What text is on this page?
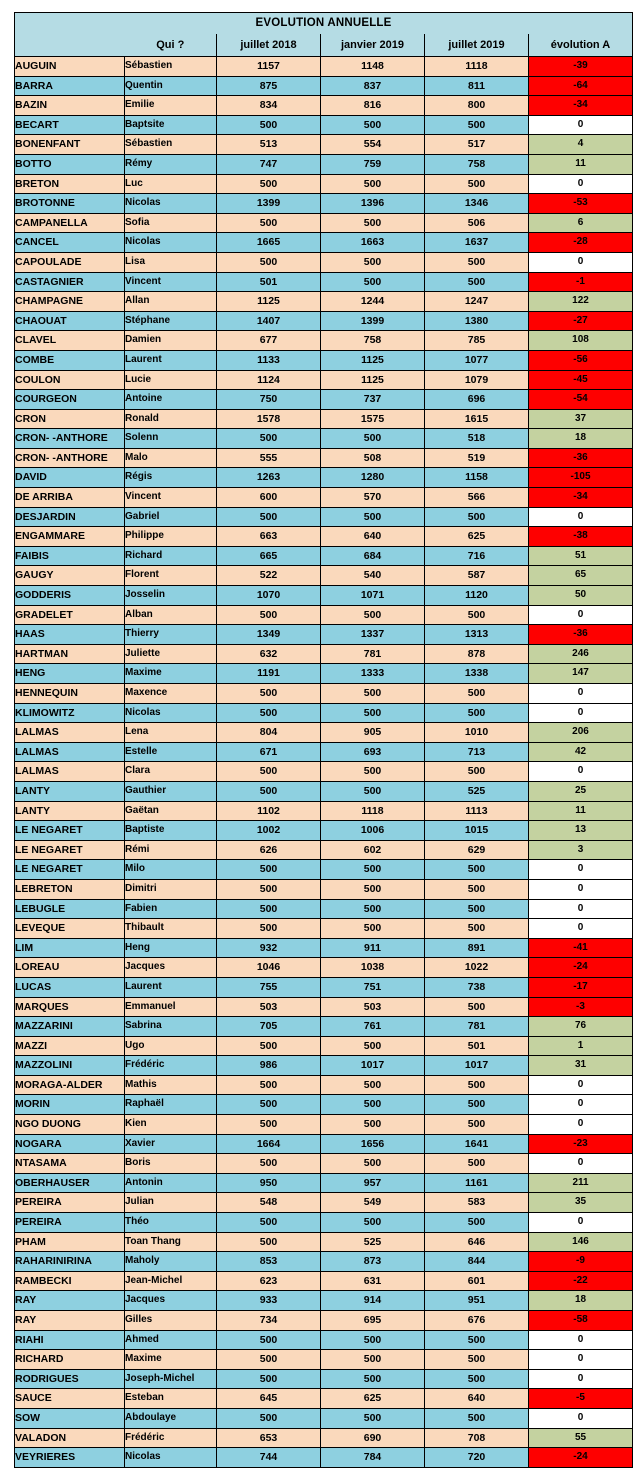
EVOLUTION ANNUELLE					
	Qui ?	juillet 2018	janvier 2019	juillet 2019	évolution A
AUGUIN	Sébastien	1157	1148	1118	-39
BARRA	Quentin	875	837	811	-64
BAZIN	Emilie	834	816	800	-34
BECART	Baptsite	500	500	500	0
BONENFANT	Sébastien	513	554	517	4
BOTTO	Rémy	747	759	758	11
BRETON	Luc	500	500	500	0
BROTONNE	Nicolas	1399	1396	1346	-53
CAMPANELLA	Sofia	500	500	506	6
CANCEL	Nicolas	1665	1663	1637	-28
CAPOULADE	Lisa	500	500	500	0
CASTAGNIER	Vincent	501	500	500	-1
CHAMPAGNE	Allan	1125	1244	1247	122
CHAOUAT	Stéphane	1407	1399	1380	-27
CLAVEL	Damien	677	758	785	108
COMBE	Laurent	1133	1125	1077	-56
COULON	Lucie	1124	1125	1079	-45
COURGEON	Antoine	750	737	696	-54
CRON	Ronald	1578	1575	1615	37
CRON- -ANTHORE	Solenn	500	500	518	18
CRON- -ANTHORE	Malo	555	508	519	-36
DAVID	Régis	1263	1280	1158	-105
DE ARRIBA	Vincent	600	570	566	-34
DESJARDIN	Gabriel	500	500	500	0
ENGAMMARE	Philippe	663	640	625	-38
FAIBIS	Richard	665	684	716	51
GAUGY	Florent	522	540	587	65
GODDERIS	Josselin	1070	1071	1120	50
GRADELET	Alban	500	500	500	0
HAAS	Thierry	1349	1337	1313	-36
HARTMAN	Juliette	632	781	878	246
HENG	Maxime	1191	1333	1338	147
HENNEQUIN	Maxence	500	500	500	0
KLIMOWITZ	Nicolas	500	500	500	0
LALMAS	Lena	804	905	1010	206
LALMAS	Estelle	671	693	713	42
LALMAS	Clara	500	500	500	0
LANTY	Gauthier	500	500	525	25
LANTY	Gaëtan	1102	1118	1113	11
LE NEGARET	Baptiste	1002	1006	1015	13
LE NEGARET	Rémi	626	602	629	3
LE NEGARET	Milo	500	500	500	0
LEBRETON	Dimitri	500	500	500	0
LEBUGLE	Fabien	500	500	500	0
LEVEQUE	Thibault	500	500	500	0
LIM	Heng	932	911	891	-41
LOREAU	Jacques	1046	1038	1022	-24
LUCAS	Laurent	755	751	738	-17
MARQUES	Emmanuel	503	503	500	-3
MAZZARINI	Sabrina	705	761	781	76
MAZZI	Ugo	500	500	501	1
MAZZOLINI	Frédéric	986	1017	1017	31
MORAGA-ALDER	Mathis	500	500	500	0
MORIN	Raphaël	500	500	500	0
NGO DUONG	Kien	500	500	500	0
NOGARA	Xavier	1664	1656	1641	-23
NTASAMA	Boris	500	500	500	0
OBERHAUSER	Antonin	950	957	1161	211
PEREIRA	Julian	548	549	583	35
PEREIRA	Théo	500	500	500	0
PHAM	Toan Thang	500	525	646	146
RAHARINIRINA	Maholy	853	873	844	-9
RAMBECKI	Jean-Michel	623	631	601	-22
RAY	Jacques	933	914	951	18
RAY	Gilles	734	695	676	-58
RIAHI	Ahmed	500	500	500	0
RICHARD	Maxime	500	500	500	0
RODRIGUES	Joseph-Michel	500	500	500	0
SAUCE	Esteban	645	625	640	-5
SOW	Abdoulaye	500	500	500	0
VALADON	Frédéric	653	690	708	55
VEYRIERES	Nicolas	744	784	720	-24
